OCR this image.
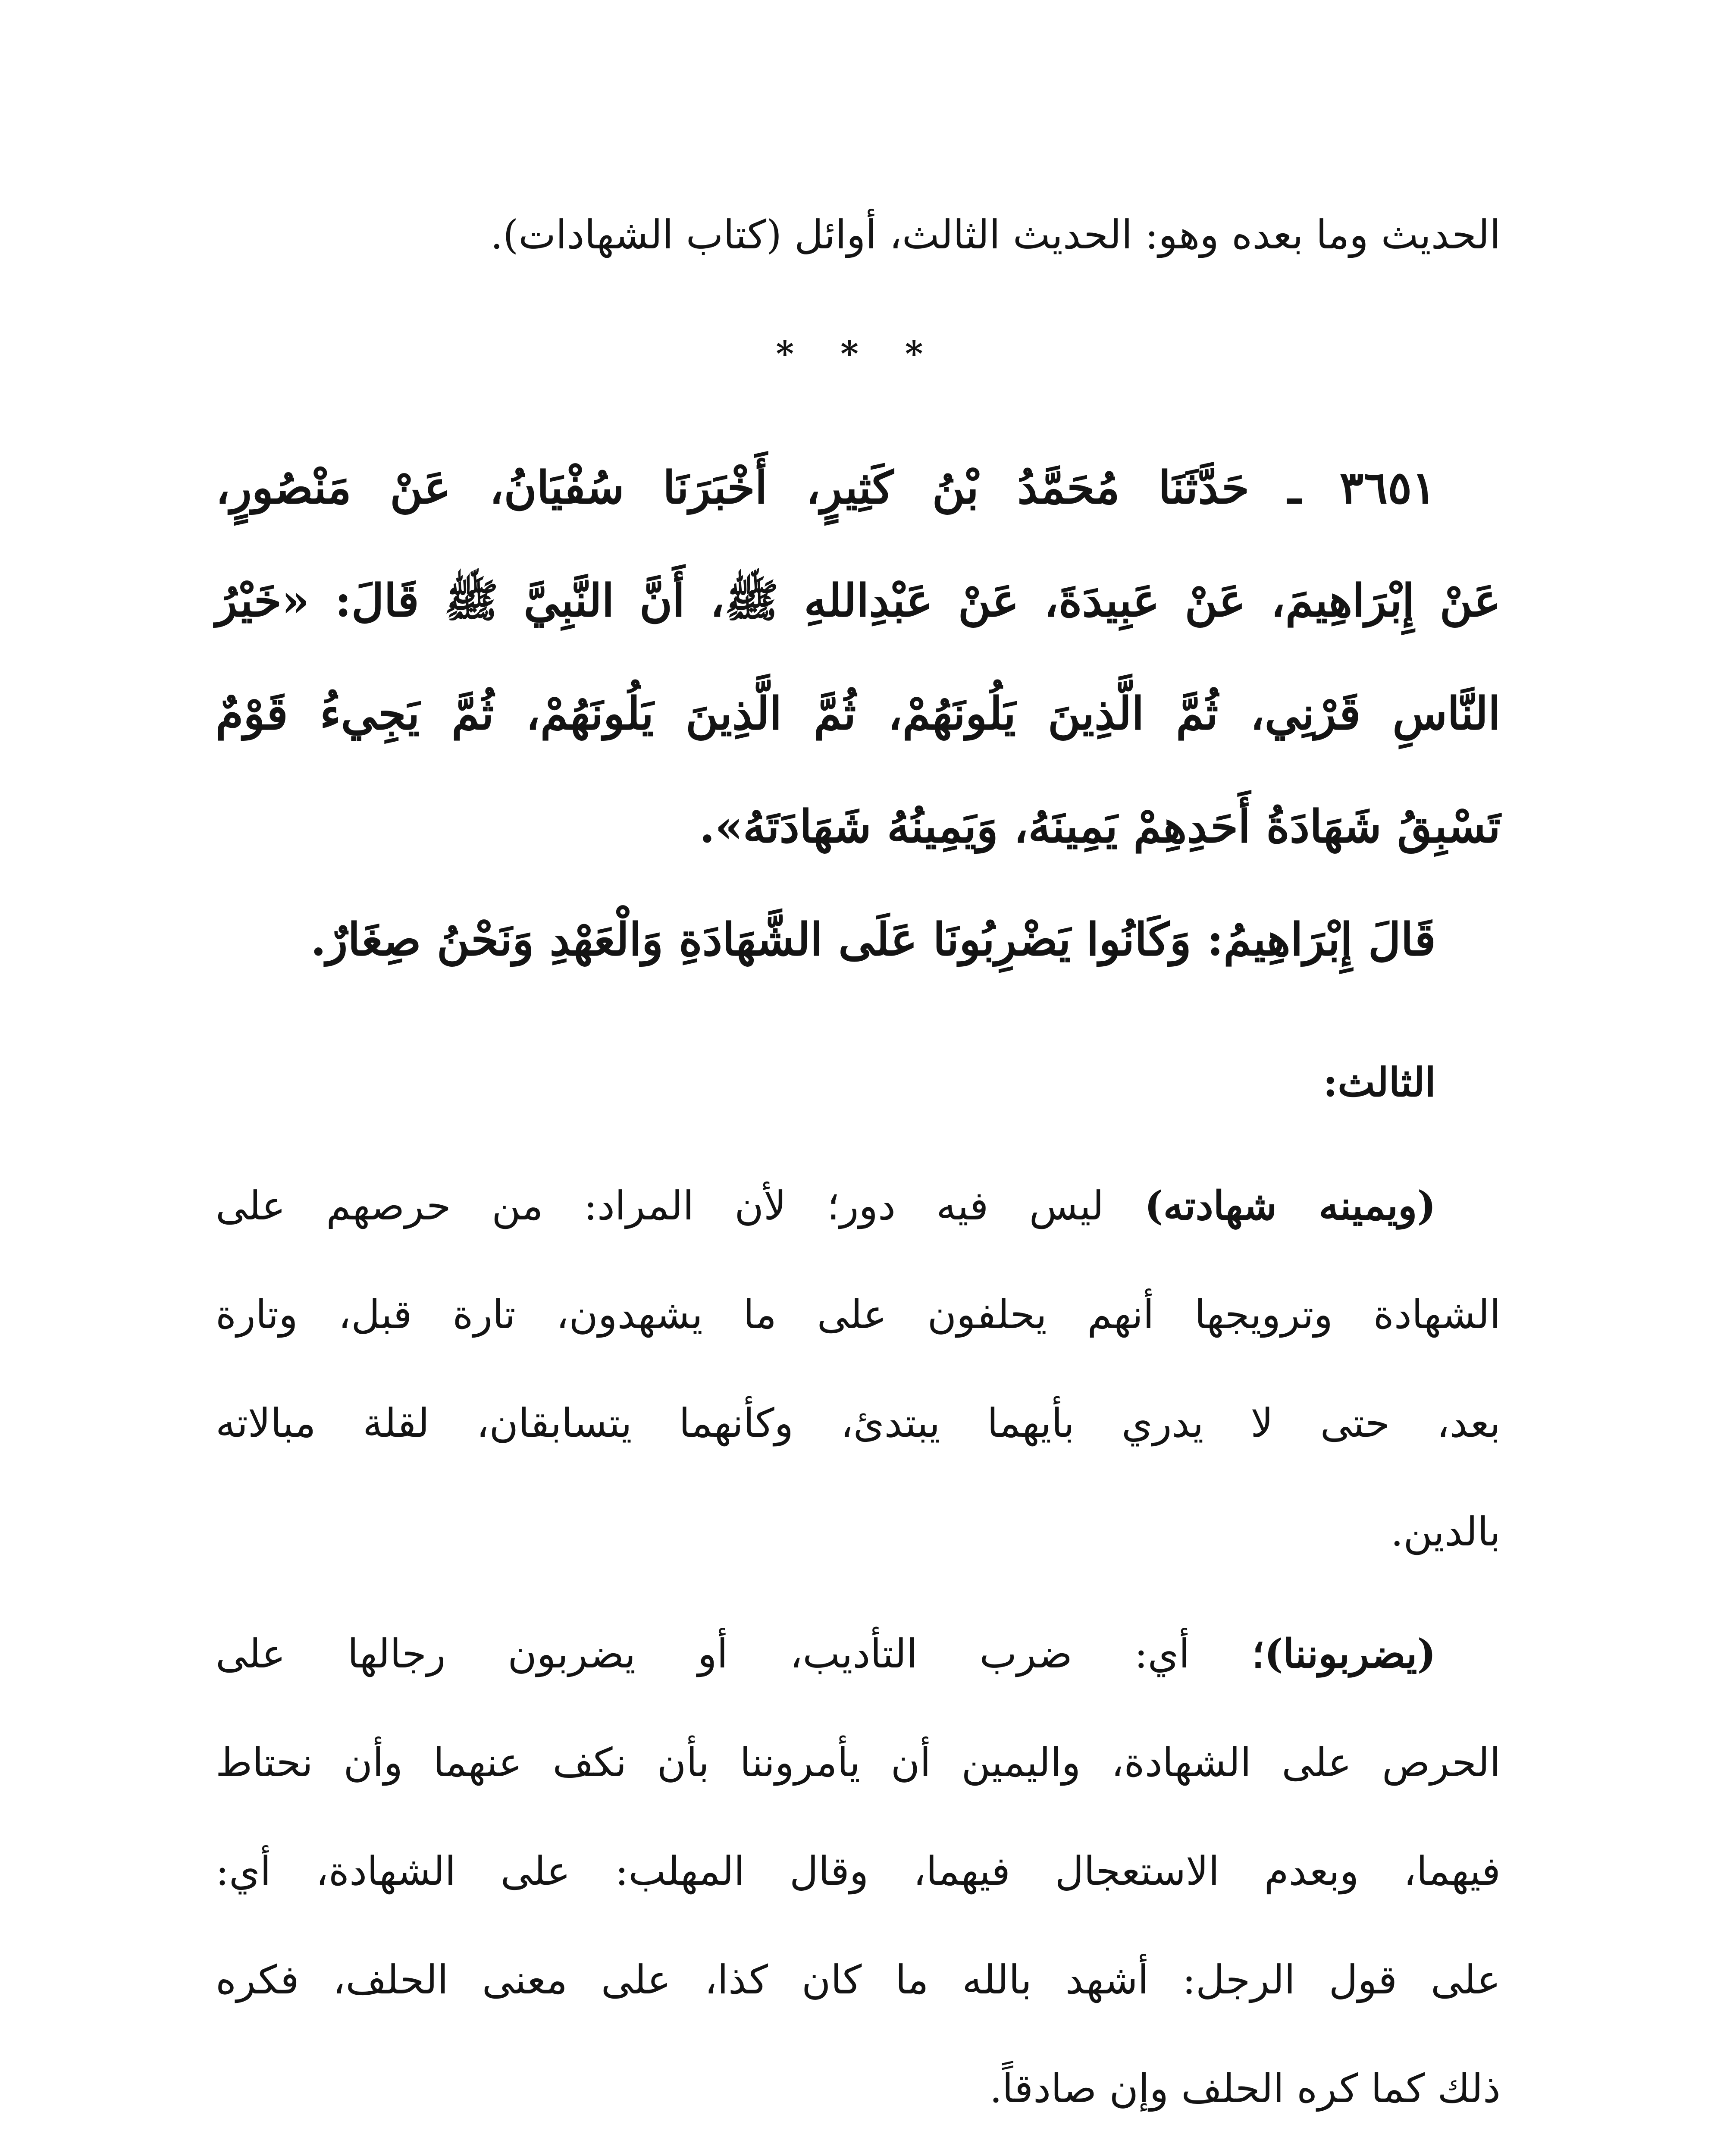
الحديث وما بعده وهو: الحديث الثالث، أوائل (كتاب الشهادات).
* * *
٣٦٥١ ـ حَدَّثَنَا مُحَمَّدُ بْنُ كَثِيرٍ، أَخْبَرَنَا سُفْيَانُ، عَنْ مَنْصُورٍ،
عَنْ إِبْرَاهِيمَ، عَنْ عَبِيدَةَ، عَنْ عَبْدِاللهِ ﷺ، أَنَّ النَّبِيَّ ﷺ قَالَ: «خَيْرُ
النَّاسِ قَرْنِي، ثُمَّ الَّذِينَ يَلُونَهُمْ، ثُمَّ الَّذِينَ يَلُونَهُمْ، ثُمَّ يَجِيءُ قَوْمٌ
تَسْبِقُ شَهَادَةُ أَحَدِهِمْ يَمِينَهُ، وَيَمِينُهُ شَهَادَتَهُ».
قَالَ إِبْرَاهِيمُ: وَكَانُوا يَضْرِبُونَا عَلَى الشَّهَادَةِ وَالْعَهْدِ وَنَحْنُ صِغَارٌ.
الثالث:
(ويمينه شهادته) ليس فيه دور؛ لأن المراد: من حرصهم على
الشهادة وترويجها أنهم يحلفون على ما يشهدون، تارة قبل، وتارة
بعد، حتى لا يدري بأيهما يبتدئ، وكأنهما يتسابقان، لقلة مبالاته
بالدين.
(يضربوننا)؛ أي: ضرب التأديب، أو يضربون رجالها على
الحرص على الشهادة، واليمين أن يأمروننا بأن نكف عنهما وأن نحتاط
فيهما، وبعدم الاستعجال فيهما، وقال المهلب: على الشهادة، أي:
على قول الرجل: أشهد بالله ما كان كذا، على معنى الحلف، فكره
ذلك كما كره الحلف وإن صادقاً.
